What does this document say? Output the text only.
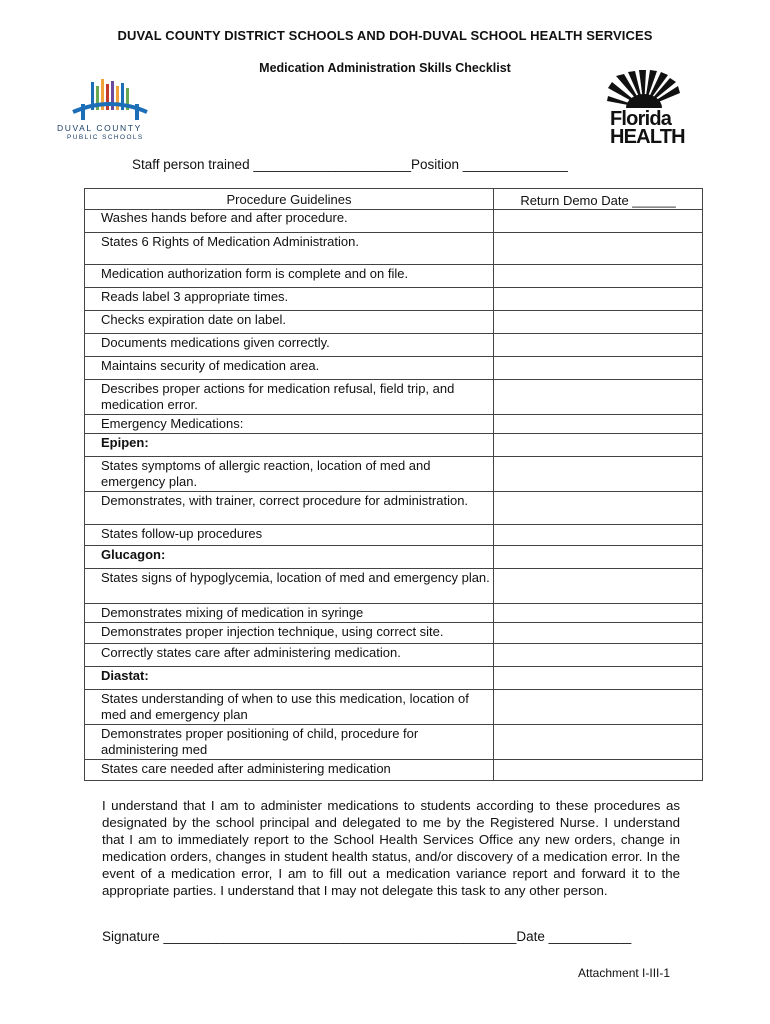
DUVAL COUNTY DISTRICT SCHOOLS AND DOH-DUVAL SCHOOL HEALTH SERVICES
Medication Administration Skills Checklist
DUVAL COUNTY
PUBLIC SCHOOLS
Florida
HEALTH
Staff person trained _____________________Position ______________
Procedure Guidelines	Return Demo Date ______
Washes hands before and after procedure.	
States 6 Rights of Medication Administration.	
Medication authorization form is complete and on file.	
Reads label 3 appropriate times.	
Checks expiration date on label.	
Documents medications given correctly.	
Maintains security of medication area.	
Describes proper actions for medication refusal, field trip, and medication error.	
Emergency Medications:	
Epipen:	
States symptoms of allergic reaction, location of med and emergency plan.	
Demonstrates, with trainer, correct procedure for administration.	
States follow-up procedures	
Glucagon:	
States signs of hypoglycemia, location of med and emergency plan.	
Demonstrates mixing of medication in syringe	
Demonstrates proper injection technique, using correct site.	
Correctly states care after administering medication.	
Diastat:	
States understanding of when to use this medication, location of med and emergency plan	
Demonstrates proper positioning of child, procedure for administering med	
States care needed after administering medication	
I understand that I am to administer medications to students according to these procedures as designated by the school principal and delegated to me by the Registered Nurse. I understand that I am to immediately report to the School Health Services Office any new orders, change in medication orders, changes in student health status, and/or discovery of a medication error. In the event of a medication error, I am to fill out a medication variance report and forward it to the appropriate parties. I understand that I may not delegate this task to any other person.
Signature _______________________________________________Date ___________
Attachment I-III-1
